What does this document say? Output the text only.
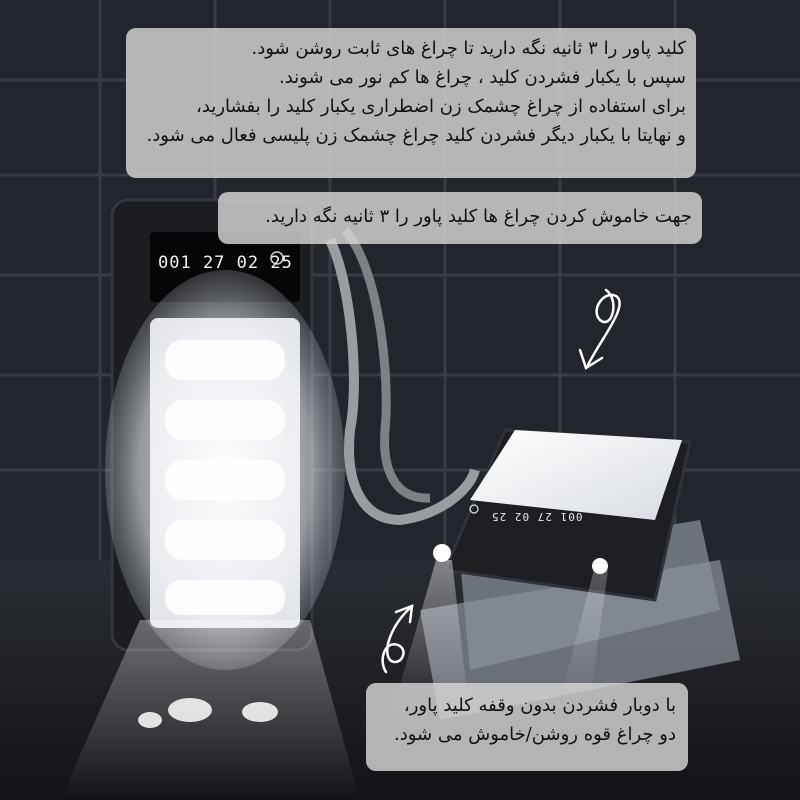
001 27 02 25
001 27 02 25
کلید پاور را ۳ ثانیه نگه دارید تا چراغ های ثابت روشن شود.
سپس با یکبار فشردن کلید ، چراغ ها کم نور می شوند.
برای استفاده از چراغ چشمک زن اضطراری یکبار کلید را بفشارید،
و نهایتا با یکبار دیگر فشردن کلید چراغ چشمک زن پلیسی فعال می شود.
جهت خاموش کردن چراغ ها کلید پاور را ۳ ثانیه نگه دارید.
با دوبار فشردن بدون وقفه کلید پاور،
دو چراغ قوه روشن/خاموش می شود.
